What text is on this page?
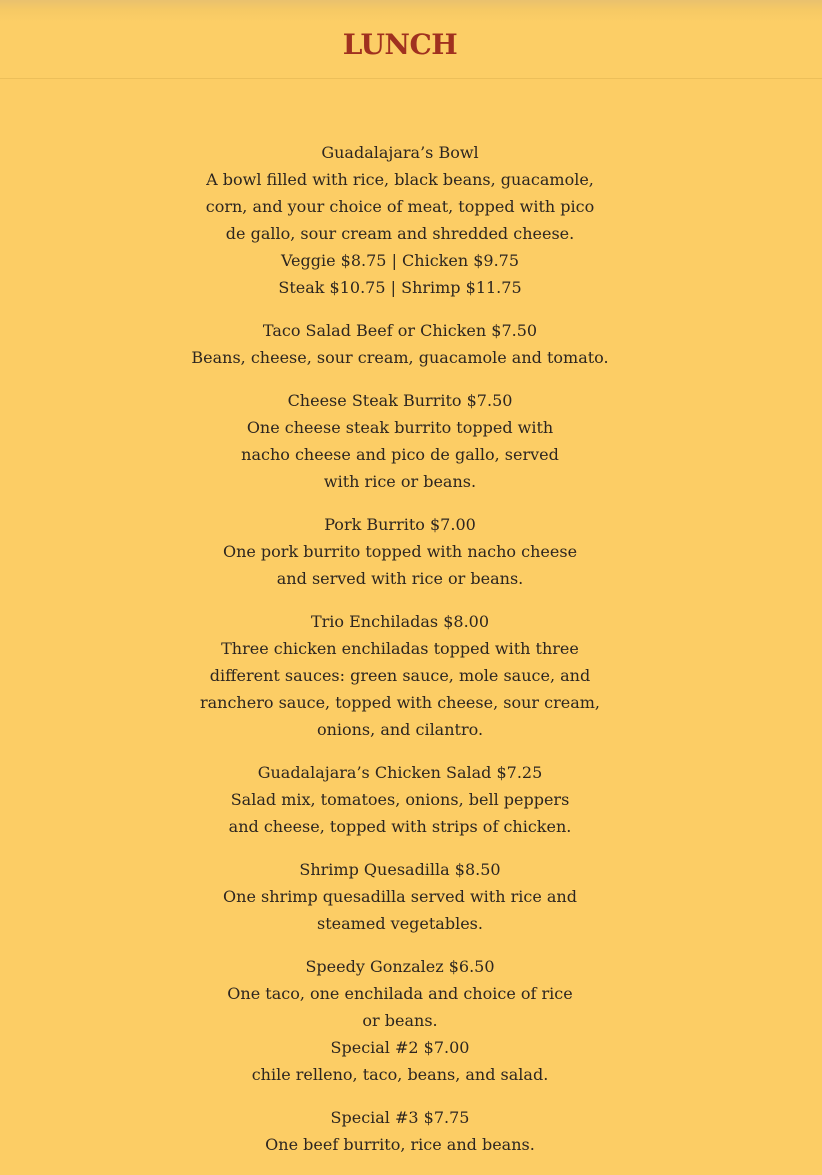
LUNCH
Guadalajara’s Bowl
A bowl filled with rice, black beans, guacamole,
corn, and your choice of meat, topped with pico
de gallo, sour cream and shredded cheese.
Veggie $8.75 | Chicken $9.75
Steak $10.75 | Shrimp $11.75
Taco Salad Beef or Chicken $7.50
Beans, cheese, sour cream, guacamole and tomato.
Cheese Steak Burrito $7.50
One cheese steak burrito topped with
nacho cheese and pico de gallo, served
with rice or beans.
Pork Burrito $7.00
One pork burrito topped with nacho cheese
and served with rice or beans.
Trio Enchiladas $8.00
Three chicken enchiladas topped with three
different sauces: green sauce, mole sauce, and
ranchero sauce, topped with cheese, sour cream,
onions, and cilantro.
Guadalajara’s Chicken Salad $7.25
Salad mix, tomatoes, onions, bell peppers
and cheese, topped with strips of chicken.
Shrimp Quesadilla $8.50
One shrimp quesadilla served with rice and
steamed vegetables.
Speedy Gonzalez $6.50
One taco, one enchilada and choice of rice
or beans.
Special #2 $7.00
chile relleno, taco, beans, and salad.
Special #3 $7.75
One beef burrito, rice and beans.
